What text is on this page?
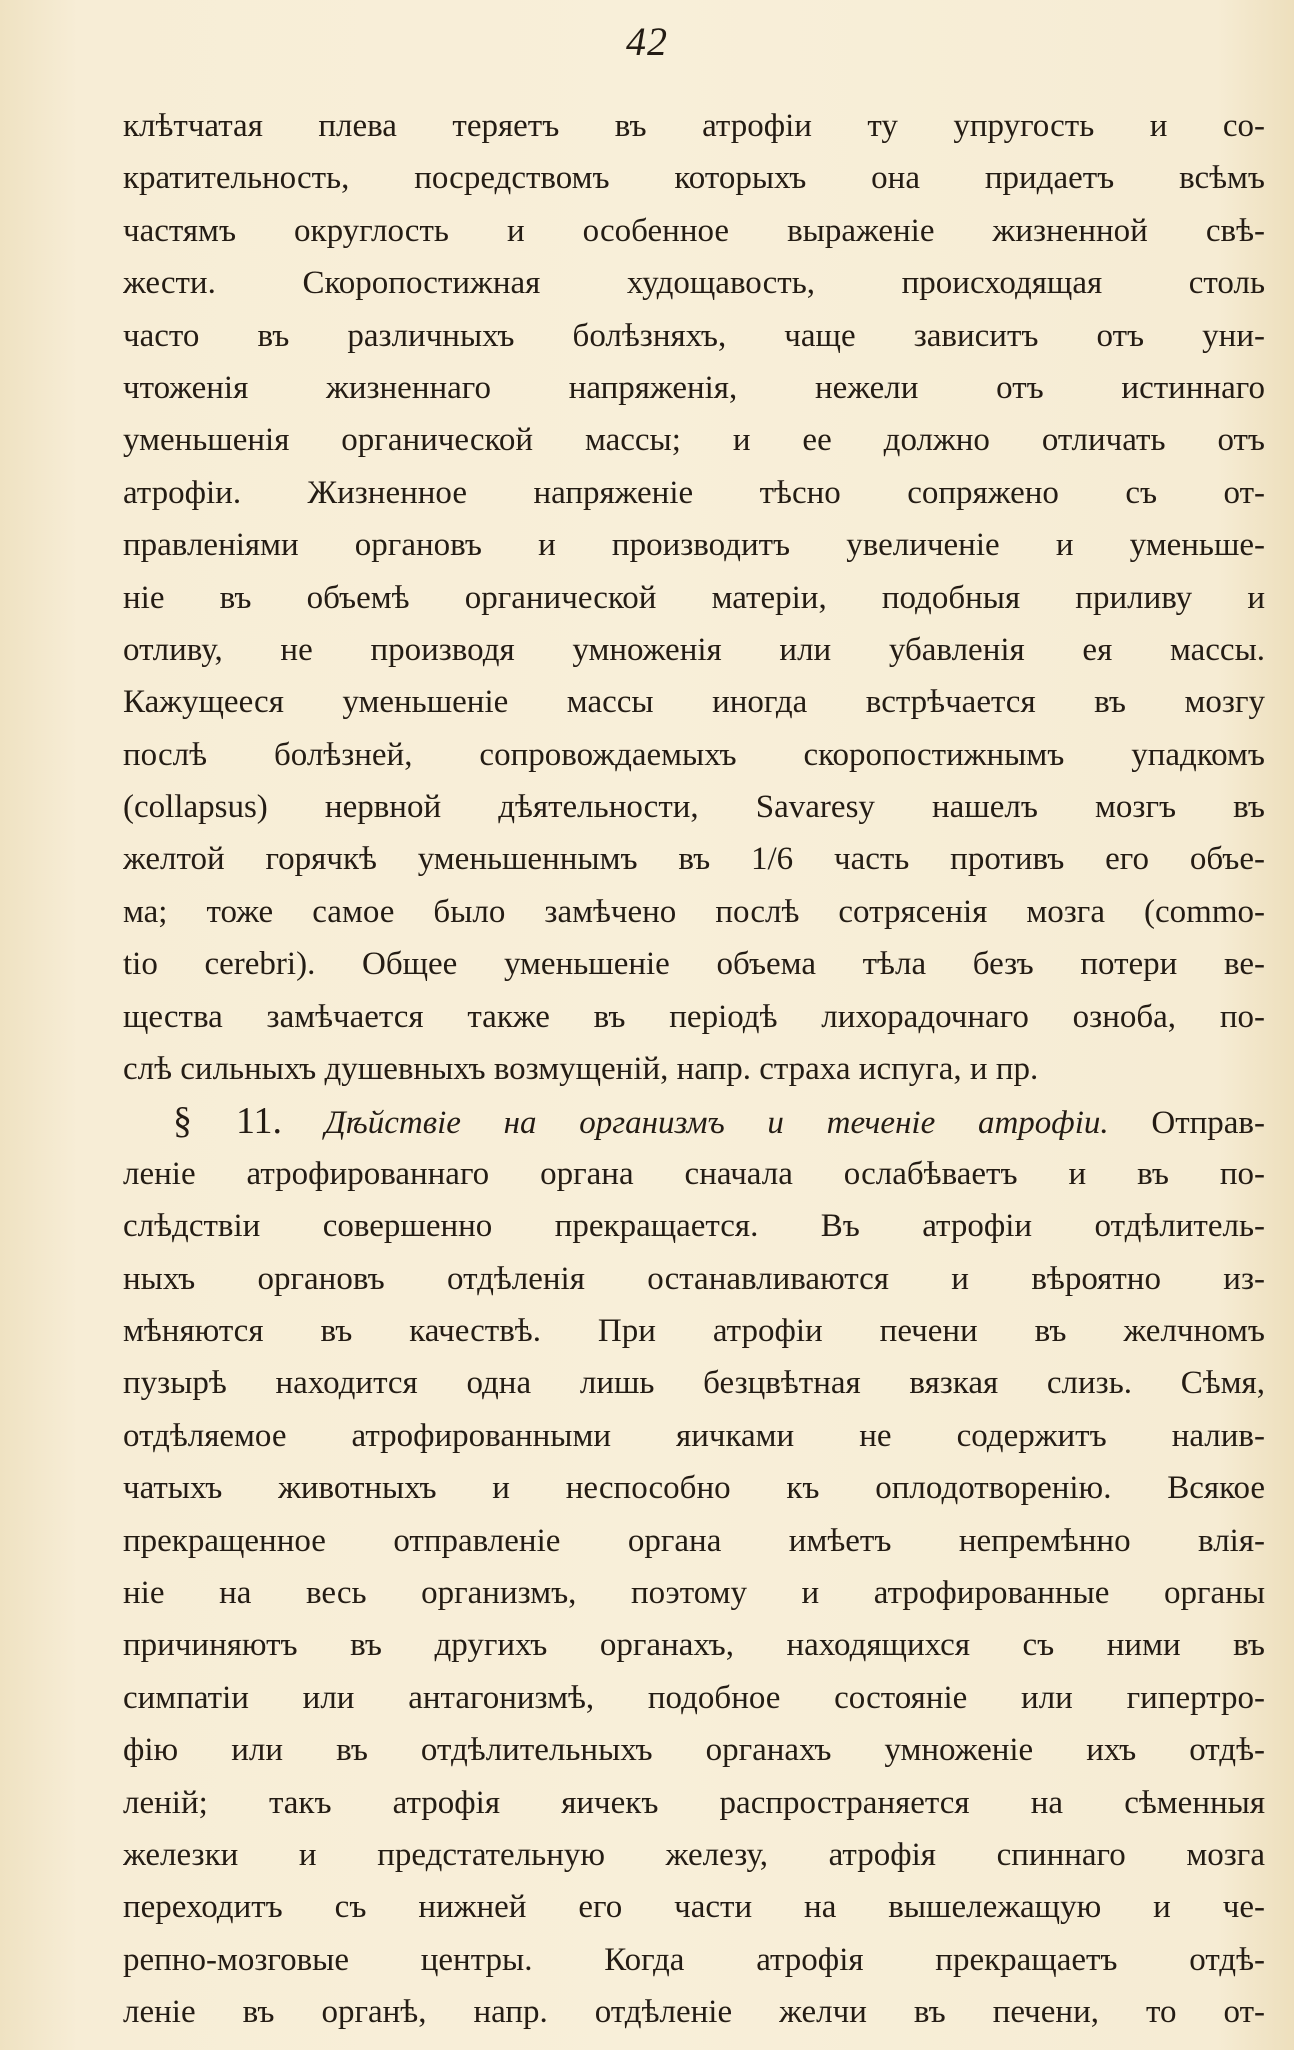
42
клѣтчатая плева теряетъ въ атрофіи ту упругость и со-
кратительность, посредствомъ которыхъ она придаетъ всѣмъ
частямъ округлость и особенное выраженіе жизненной свѣ-
жести. Скоропостижная худощавость, происходящая столь
часто въ различныхъ болѣзняхъ, чаще зависитъ отъ уни-
чтоженія жизненнаго напряженія, нежели отъ истиннаго
уменьшенія органической массы; и ее должно отличать отъ
атрофіи. Жизненное напряженіе тѣсно сопряжено съ от-
правленіями органовъ и производитъ увеличеніе и уменьше-
ніе въ объемѣ органической матеріи, подобныя приливу и
отливу, не производя умноженія или убавленія ея массы.
Кажущееся уменьшеніе массы иногда встрѣчается въ мозгу
послѣ болѣзней, сопровождаемыхъ скоропостижнымъ упадкомъ
(collapsus) нервной дѣятельности, Savaresy нашелъ мозгъ въ
желтой горячкѣ уменьшеннымъ въ 1/6 часть противъ его объе-
ма; тоже самое было замѣчено послѣ сотрясенія мозга (commo-
tio cerebri). Общее уменьшеніе объема тѣла безъ потери ве-
щества замѣчается также въ періодѣ лихорадочнаго озноба, по-
слѣ сильныхъ душевныхъ возмущеній, напр. страха испуга, и пр.
§ 11. Дѣйствіе на организмъ и теченіе атрофіи. Отправ-
леніе атрофированнаго органа сначала ослабѣваетъ и въ по-
слѣдствіи совершенно прекращается. Въ атрофіи отдѣлитель-
ныхъ органовъ отдѣленія останавливаются и вѣроятно из-
мѣняются въ качествѣ. При атрофіи печени въ желчномъ
пузырѣ находится одна лишь безцвѣтная вязкая слизь. Сѣмя,
отдѣляемое атрофированными яичками не содержитъ налив-
чатыхъ животныхъ и неспособно къ оплодотворенію. Всякое
прекращенное отправленіе органа имѣетъ непремѣнно влія-
ніе на весь организмъ, поэтому и атрофированные органы
причиняютъ въ другихъ органахъ, находящихся съ ними въ
симпатіи или антагонизмѣ, подобное состояніе или гипертро-
фію или въ отдѣлительныхъ органахъ умноженіе ихъ отдѣ-
леній; такъ атрофія яичекъ распространяется на сѣменныя
железки и предстательную железу, атрофія спиннаго мозга
переходитъ съ нижней его части на вышележащую и че-
репно-мозговые центры. Когда атрофія прекращаетъ отдѣ-
леніе въ органѣ, напр. отдѣленіе желчи въ печени, то от-
